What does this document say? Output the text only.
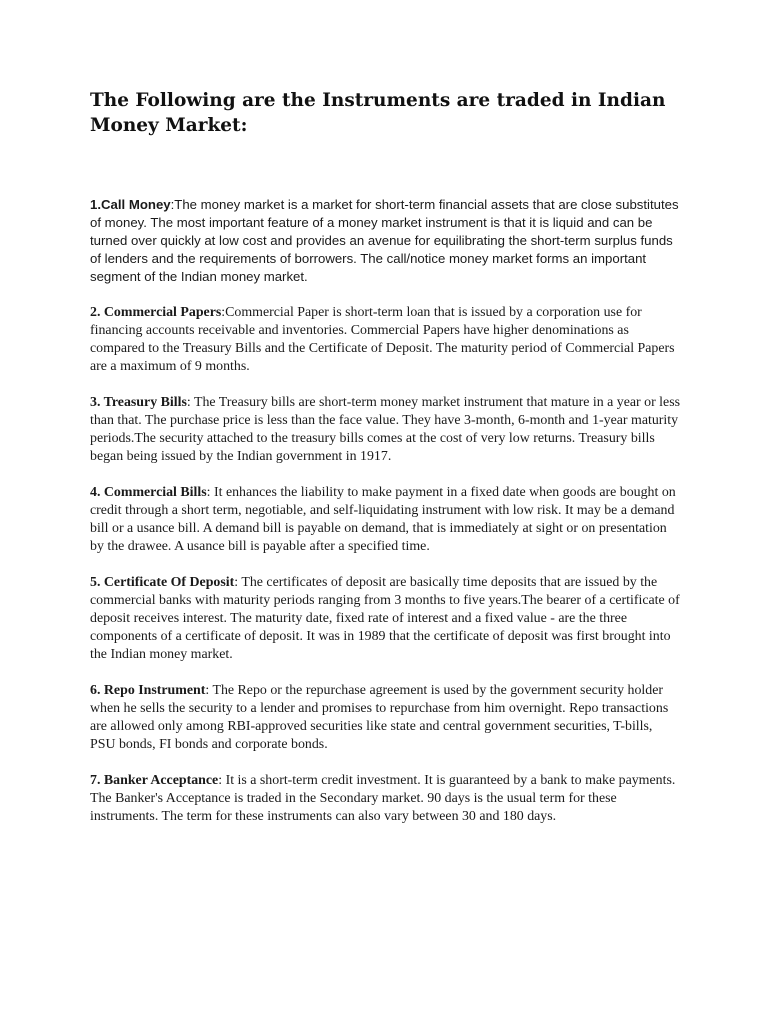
The Following are the Instruments are traded in Indian Money Market:

1.Call Money:The money market is a market for short-term financial assets that are close substitutes of money. The most important feature of a money market instrument is that it is liquid and can be turned over quickly at low cost and provides an avenue for equilibrating the short-term surplus funds of lenders and the requirements of borrowers. The call/notice money market forms an important segment of the Indian money market.

2. Commercial Papers:Commercial Paper is short-term loan that is issued by a corporation use for financing accounts receivable and inventories. Commercial Papers have higher denominations as compared to the Treasury Bills and the Certificate of Deposit. The maturity period of Commercial Papers are a maximum of 9 months.

3. Treasury Bills: The Treasury bills are short-term money market instrument that mature in a year or less than that. The purchase price is less than the face value. They have 3-month, 6-month and 1-year maturity periods.The security attached to the treasury bills comes at the cost of very low returns. Treasury bills began being issued by the Indian government in 1917.

4. Commercial Bills: It enhances the liability to make payment in a fixed date when goods are bought on credit through a short term, negotiable, and self-liquidating instrument with low risk. It may be a demand bill or a usance bill. A demand bill is payable on demand, that is immediately at sight or on presentation by the drawee. A usance bill is payable after a specified time.

5. Certificate Of Deposit: The certificates of deposit are basically time deposits that are issued by the commercial banks with maturity periods ranging from 3 months to five years.The bearer of a certificate of deposit receives interest. The maturity date, fixed rate of interest and a fixed value - are the three components of a certificate of deposit. It was in 1989 that the certificate of deposit was first brought into the Indian money market.

6. Repo Instrument: The Repo or the repurchase agreement is used by the government security holder when he sells the security to a lender and promises to repurchase from him overnight. Repo transactions are allowed only among RBI-approved securities like state and central government securities, T-bills, PSU bonds, FI bonds and corporate bonds.

7. Banker Acceptance: It is a short-term credit investment. It is guaranteed by a bank to make payments. The Banker's Acceptance is traded in the Secondary market. 90 days is the usual term for these instruments. The term for these instruments can also vary between 30 and 180 days.
